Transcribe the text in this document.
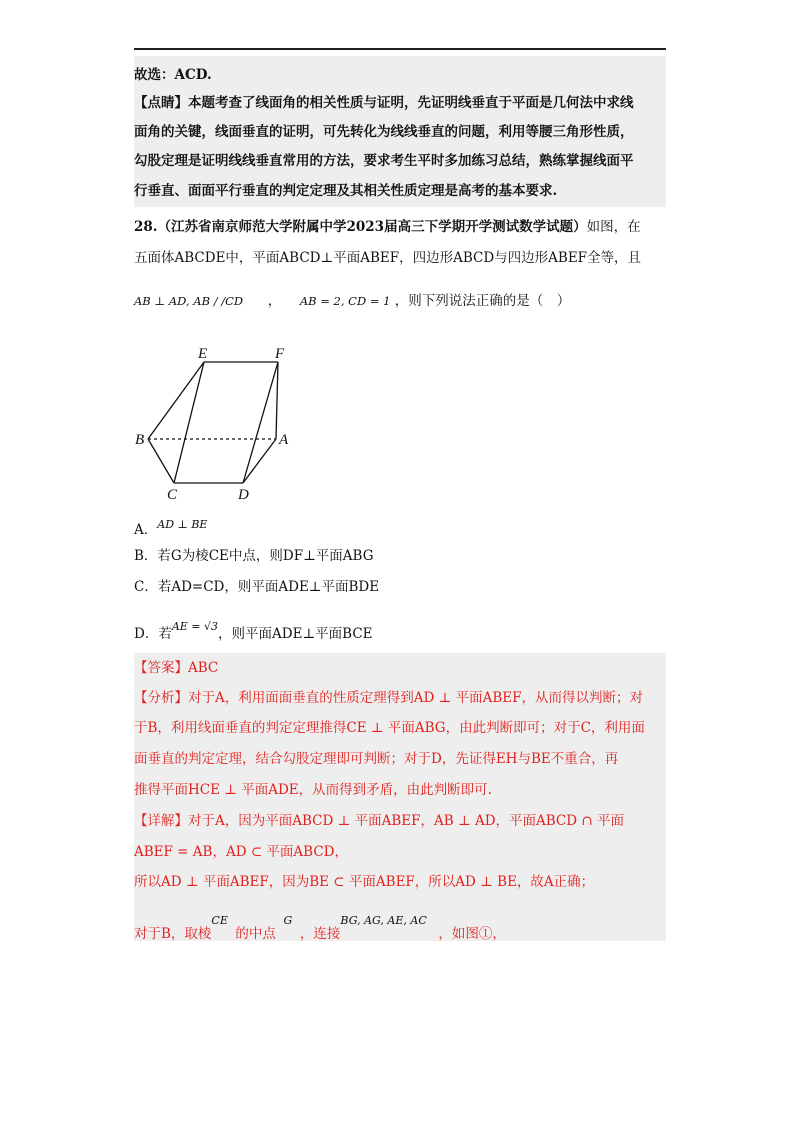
故选：ACD.
【点睛】本题考查了线面角的相关性质与证明，先证明线垂直于平面是几何法中求线
面角的关键，线面垂直的证明，可先转化为线线垂直的问题，利用等腰三角形性质，
勾股定理是证明线线垂直常用的方法，要求考生平时多加练习总结，熟练掌握线面平
行垂直、面面平行垂直的判定定理及其相关性质定理是高考的基本要求.
28.（江苏省南京师范大学附属中学2023届高三下学期开学测试数学试题）如图，在
五面体ABCDE中，平面ABCD⊥平面ABEF，四边形ABCD与四边形ABEF全等，且
AB ⊥ AD, AB / /CD ， AB = 2, CD = 1 ，则下列说法正确的是（　）
E	F
B	A
C	D
A．$^{AD \perp BE}$
B．若G为棱CE中点，则DF⊥平面ABG
C．若AD=CD，则平面ADE⊥平面BDE
D．若$^{AE = √3}$，则平面ADE⊥平面BCE
【答案】ABC
【分析】对于A，利用面面垂直的性质定理得到AD ⊥ 平面ABEF，从而得以判断；对
于B，利用线面垂直的判定定理推得CE ⊥ 平面ABG，由此判断即可；对于C，利用面
面垂直的判定定理，结合勾股定理即可判断；对于D，先证得EH与BE不重合，再
推得平面HCE ⊥ 平面ADE，从而得到矛盾，由此判断即可.
【详解】对于A，因为平面ABCD ⊥ 平面ABEF，AB ⊥ AD，平面ABCD ∩ 平面
ABEF = AB，AD ⊂ 平面ABCD，
所以AD ⊥ 平面ABEF，因为BE ⊂ 平面ABEF，所以AD ⊥ BE，故A正确；
对于B，取棱CE的中点G，连接BG, AG, AE, AC，如图①，
